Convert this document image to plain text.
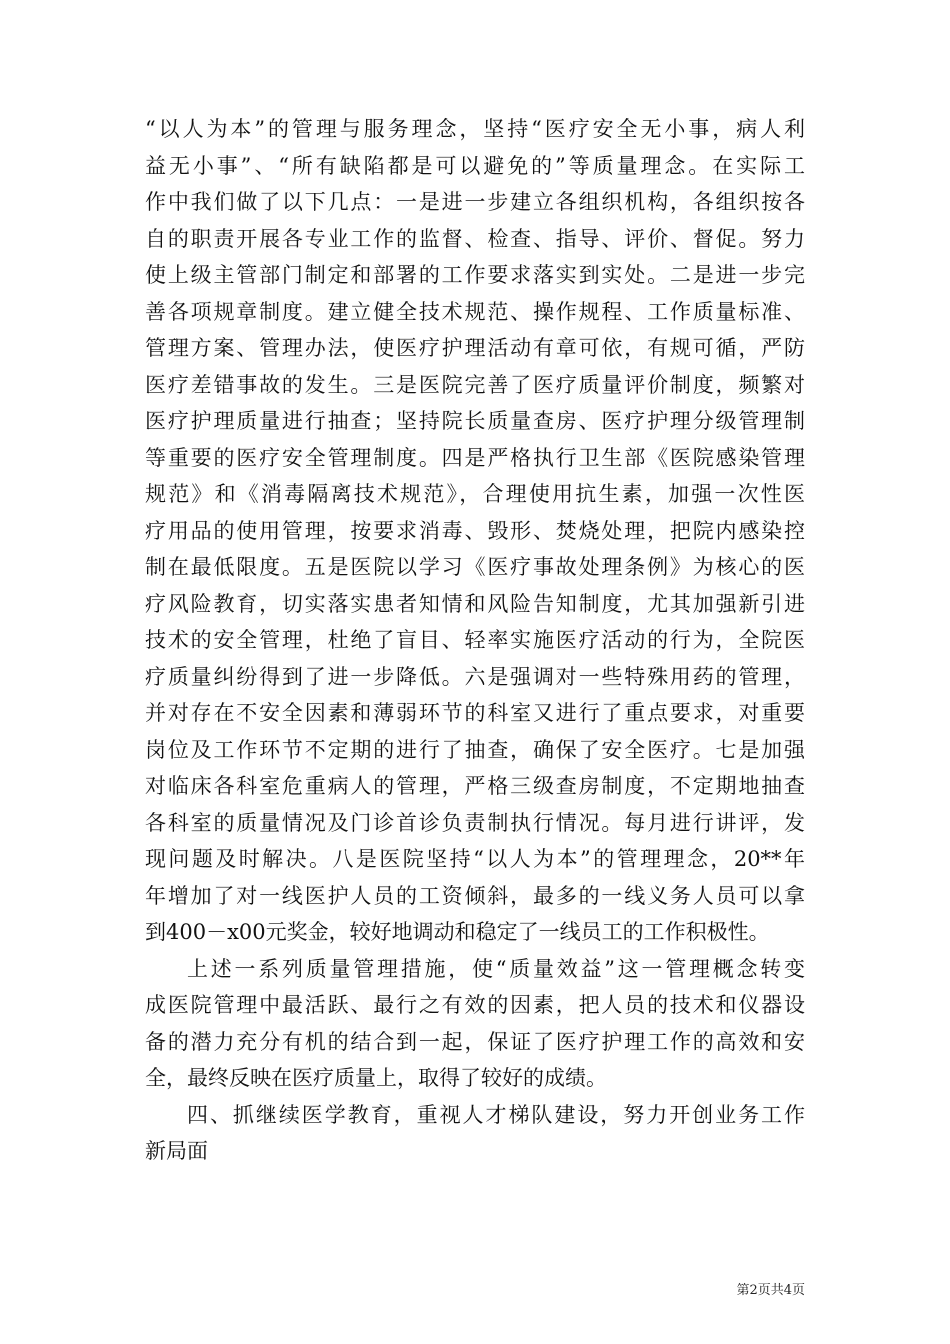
“以人为本”的管理与服务理念，坚持“医疗安全无小事，病人利
益无小事”、“所有缺陷都是可以避免的”等质量理念。在实际工
作中我们做了以下几点：一是进一步建立各组织机构，各组织按各
自的职责开展各专业工作的监督、检查、指导、评价、督促。努力
使上级主管部门制定和部署的工作要求落实到实处。二是进一步完
善各项规章制度。建立健全技术规范、操作规程、工作质量标准、
管理方案、管理办法，使医疗护理活动有章可依，有规可循，严防
医疗差错事故的发生。三是医院完善了医疗质量评价制度，频繁对
医疗护理质量进行抽查；坚持院长质量查房、医疗护理分级管理制
等重要的医疗安全管理制度。四是严格执行卫生部《医院感染管理
规范》和《消毒隔离技术规范》，合理使用抗生素，加强一次性医
疗用品的使用管理，按要求消毒、毁形、焚烧处理，把院内感染控
制在最低限度。五是医院以学习《医疗事故处理条例》为核心的医
疗风险教育，切实落实患者知情和风险告知制度，尤其加强新引进
技术的安全管理，杜绝了盲目、轻率实施医疗活动的行为，全院医
疗质量纠纷得到了进一步降低。六是强调对一些特殊用药的管理，
并对存在不安全因素和薄弱环节的科室又进行了重点要求，对重要
岗位及工作环节不定期的进行了抽查，确保了安全医疗。七是加强
对临床各科室危重病人的管理，严格三级查房制度，不定期地抽查
各科室的质量情况及门诊首诊负责制执行情况。每月进行讲评，发
现问题及时解决。八是医院坚持“以人为本”的管理理念，20**年
年增加了对一线医护人员的工资倾斜，最多的一线义务人员可以拿
到400－x00元奖金，较好地调动和稳定了一线员工的工作积极性。
上述一系列质量管理措施，使“质量效益”这一管理概念转变
成医院管理中最活跃、最行之有效的因素，把人员的技术和仪器设
备的潜力充分有机的结合到一起，保证了医疗护理工作的高效和安
全，最终反映在医疗质量上，取得了较好的成绩。
四、抓继续医学教育，重视人才梯队建设，努力开创业务工作
新局面
第2页共4页
